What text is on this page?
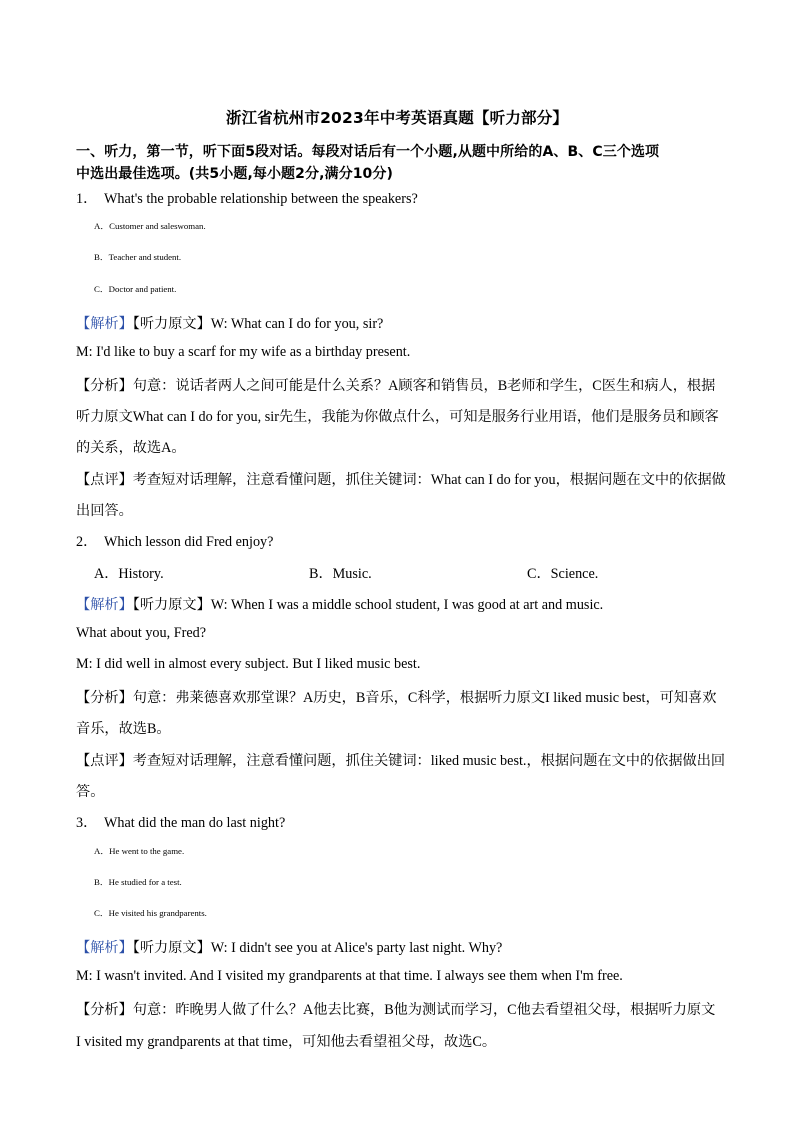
浙江省杭州市2023年中考英语真题【听力部分】
一、听力，第一节，听下面5段对话。每段对话后有一个小题,从题中所给的A、B、C三个选项
中选出最佳选项。(共5小题,每小题2分,满分10分)
1． What's the probable relationship between the speakers?
A．Customer and saleswoman.
B．Teacher and student.
C．Doctor and patient.
【解析】【听力原文】W: What can I do for you, sir?
M: I'd like to buy a scarf for my wife as a birthday present.
【分析】句意：说话者两人之间可能是什么关系？A顾客和销售员，B老师和学生，C医生和病人，根据
听力原文What can I do for you, sir先生，我能为你做点什么，可知是服务行业用语，他们是服务员和顾客
的关系，故选A。
【点评】考查短对话理解，注意看懂问题，抓住关键词：What can I do for you，根据问题在文中的依据做
出回答。
2． Which lesson did Fred enjoy?
A．History.	B．Music.	C．Science.
【解析】【听力原文】W: When I was a middle school student, I was good at art and music.
What about you, Fred?
M: I did well in almost every subject. But I liked music best.
【分析】句意：弗莱德喜欢那堂课？A历史，B音乐，C科学，根据听力原文I liked music best，可知喜欢
音乐，故选B。
【点评】考查短对话理解，注意看懂问题，抓住关键词：liked music best.，根据问题在文中的依据做出回
答。
3． What did the man do last night?
A．He went to the game.
B．He studied for a test.
C．He visited his grandparents.
【解析】【听力原文】W: I didn't see you at Alice's party last night. Why?
M: I wasn't invited. And I visited my grandparents at that time. I always see them when I'm free.
【分析】句意：昨晚男人做了什么？A他去比赛，B他为测试而学习，C他去看望祖父母，根据听力原文
I visited my grandparents at that time，可知他去看望祖父母，故选C。
